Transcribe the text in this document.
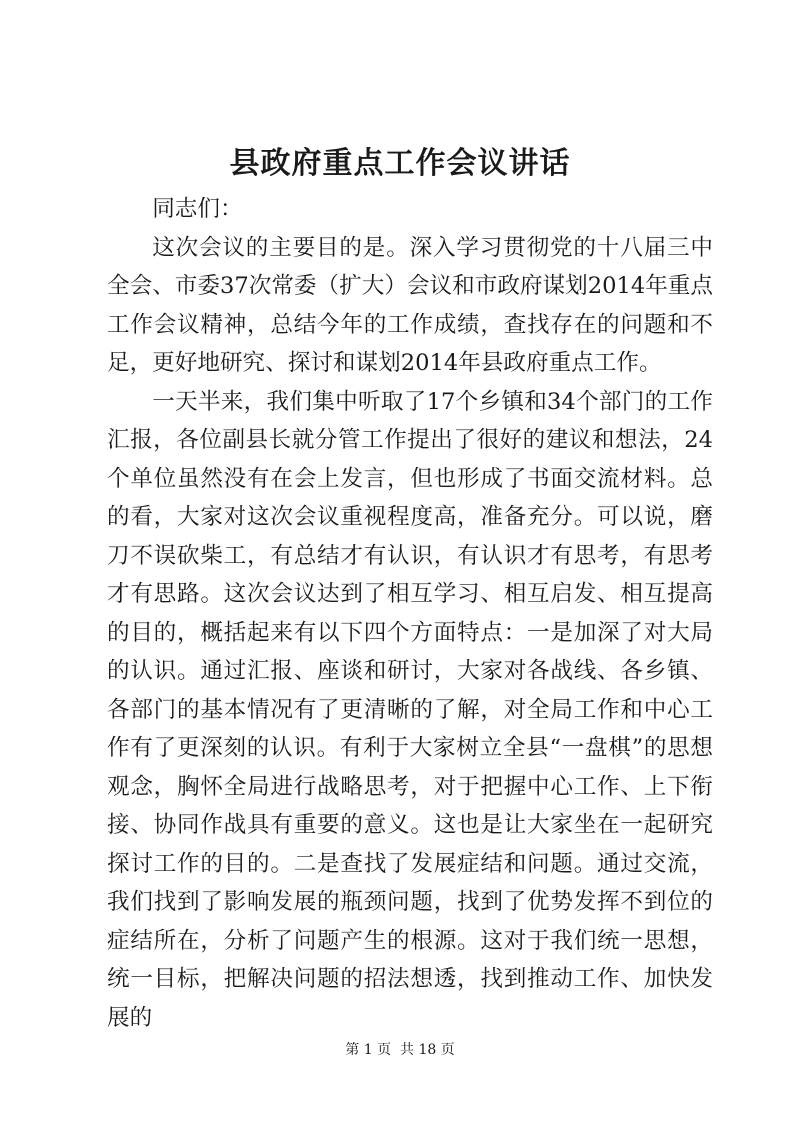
县政府重点工作会议讲话

同志们：

这次会议的主要目的是。深入学习贯彻党的十八届三中全会、市委37次常委（扩大）会议和市政府谋划2014年重点工作会议精神，总结今年的工作成绩，查找存在的问题和不足，更好地研究、探讨和谋划2014年县政府重点工作。

一天半来，我们集中听取了17个乡镇和34个部门的工作汇报，各位副县长就分管工作提出了很好的建议和想法，24个单位虽然没有在会上发言，但也形成了书面交流材料。总的看，大家对这次会议重视程度高，准备充分。可以说，磨刀不误砍柴工，有总结才有认识，有认识才有思考，有思考才有思路。这次会议达到了相互学习、相互启发、相互提高的目的，概括起来有以下四个方面特点：一是加深了对大局的认识。通过汇报、座谈和研讨，大家对各战线、各乡镇、各部门的基本情况有了更清晰的了解，对全局工作和中心工作有了更深刻的认识。有利于大家树立全县“一盘棋”的思想观念，胸怀全局进行战略思考，对于把握中心工作、上下衔接、协同作战具有重要的意义。这也是让大家坐在一起研究探讨工作的目的。二是查找了发展症结和问题。通过交流，我们找到了影响发展的瓶颈问题，找到了优势发挥不到位的症结所在，分析了问题产生的根源。这对于我们统一思想，统一目标，把解决问题的招法想透，找到推动工作、加快发展的

第 1 页  共 18 页
